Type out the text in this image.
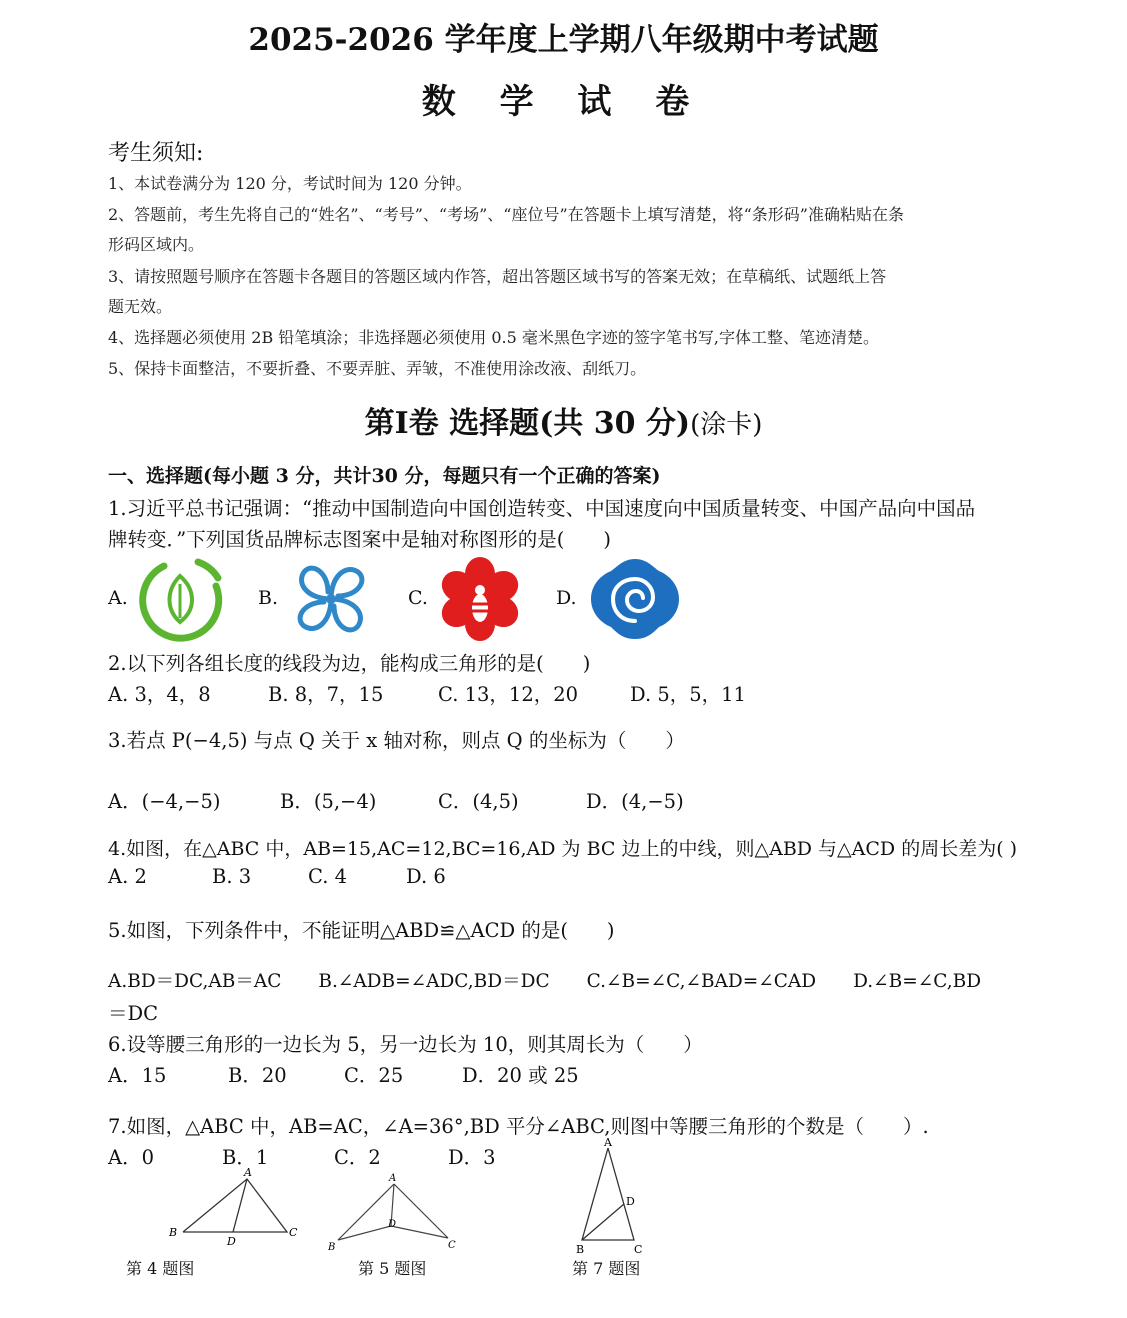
2025-2026 学年度上学期八年级期中考试题
数 学 试 卷
考生须知:
1、本试卷满分为 120 分，考试时间为 120 分钟。
2、答题前，考生先将自己的“姓名”、“考号”、“考场”、“座位号”在答题卡上填写清楚，将“条形码”准确粘贴在条
形码区域内。
3、请按照题号顺序在答题卡各题目的答题区域内作答，超出答题区域书写的答案无效；在草稿纸、试题纸上答
题无效。
4、选择题必须使用 2B 铅笔填涂；非选择题必须使用 0.5 毫米黑色字迹的签字笔书写,字体工整、笔迹清楚。
5、保持卡面整洁，不要折叠、不要弄脏、弄皱，不准使用涂改液、刮纸刀。
第Ⅰ卷 选择题(共 30 分)(涂卡)
一、选择题(每小题 3 分，共计30 分，每题只有一个正确的答案)
1.习近平总书记强调：“推动中国制造向中国创造转变、中国速度向中国质量转变、中国产品向中国品
牌转变．”下列国货品牌标志图案中是轴对称图形的是(　　)
A.	B.	C.	D.
2.以下列各组长度的线段为边，能构成三角形的是(　　)
A. 3，4，8	B. 8，7，15	C. 13，12，20	D. 5，5，11
3.若点 P(−4,5) 与点 Q 关于 x 轴对称，则点 Q 的坐标为（　　）
A．(−4,−5)	B．(5,−4)	C．(4,5)	D．(4,−5)
4.如图，在△ABC 中，AB=15,AC=12,BC=16,AD 为 BC 边上的中线，则△ABD 与△ACD 的周长差为( )
A. 2	B. 3	C. 4	D. 6
5.如图，下列条件中，不能证明△ABD≌△ACD 的是(　　)
A.BD＝DC,AB＝AC　　B.∠ADB=∠ADC,BD＝DC　　C.∠B=∠C,∠BAD=∠CAD　　D.∠B=∠C,BD
＝DC
6.设等腰三角形的一边长为 5，另一边长为 10，则其周长为（　　）
A．15	B．20	C．25	D．20 或 25
7.如图，△ABC 中，AB=AC，∠A=36°,BD 平分∠ABC,则图中等腰三角形的个数是（　　）.
A．0	B．1	C．2	D．3
A
B	C
D
第 4 题图
A
B	C
D
第 5 题图
A
B	C
D
第 7 题图
